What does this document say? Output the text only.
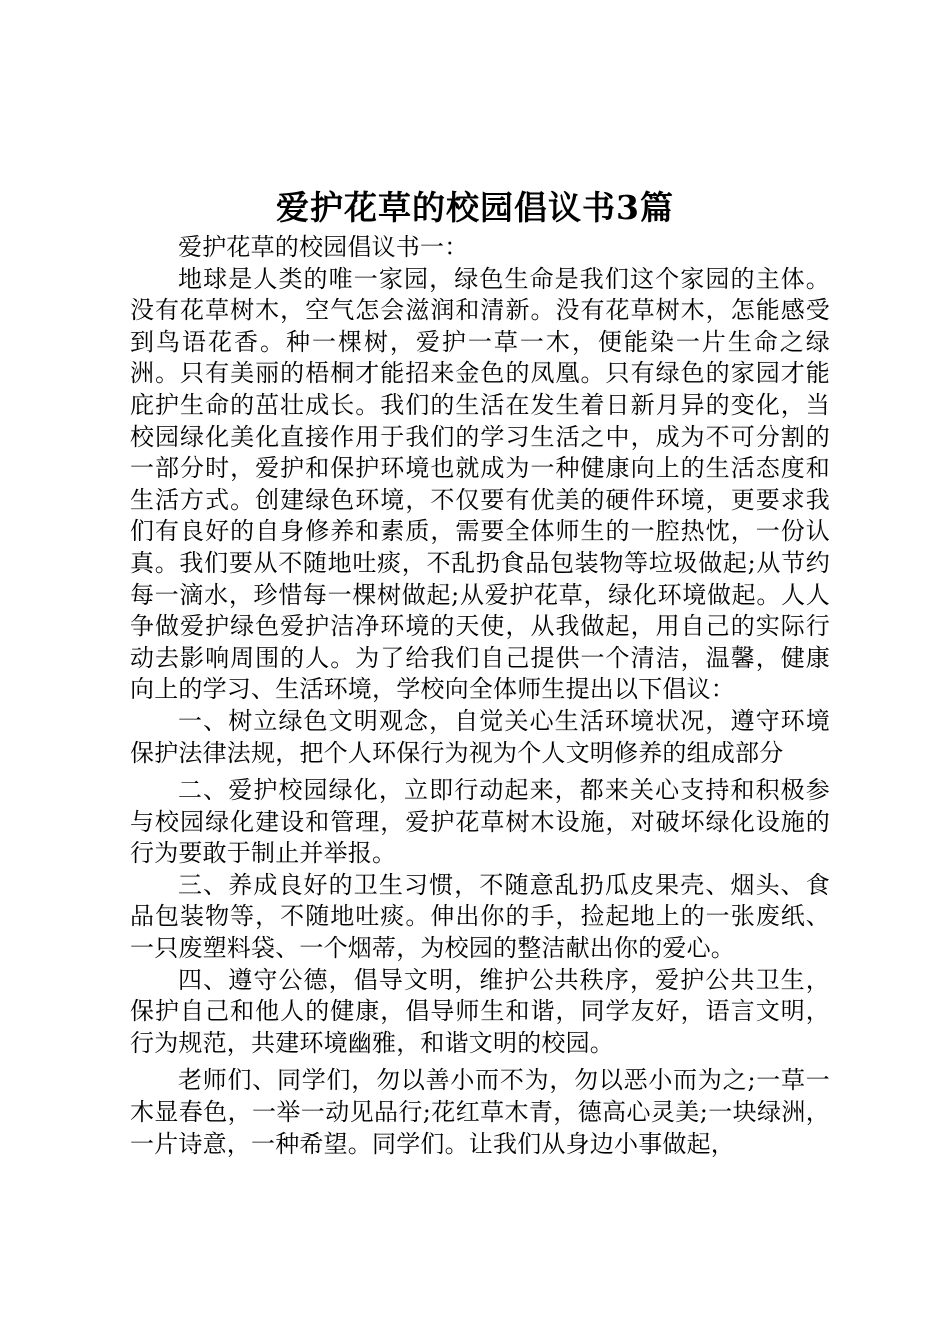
爱护花草的校园倡议书3篇

爱护花草的校园倡议书一：

地球是人类的唯一家园，绿色生命是我们这个家园的主体。没有花草树木，空气怎会滋润和清新。没有花草树木，怎能感受到鸟语花香。种一棵树，爱护一草一木，便能染一片生命之绿洲。只有美丽的梧桐才能招来金色的凤凰。只有绿色的家园才能庇护生命的茁壮成长。我们的生活在发生着日新月异的变化，当校园绿化美化直接作用于我们的学习生活之中，成为不可分割的一部分时，爱护和保护环境也就成为一种健康向上的生活态度和生活方式。创建绿色环境，不仅要有优美的硬件环境，更要求我们有良好的自身修养和素质，需要全体师生的一腔热忱，一份认真。我们要从不随地吐痰，不乱扔食品包装物等垃圾做起;从节约每一滴水，珍惜每一棵树做起;从爱护花草，绿化环境做起。人人争做爱护绿色爱护洁净环境的天使，从我做起，用自己的实际行动去影响周围的人。为了给我们自己提供一个清洁，温馨，健康向上的学习、生活环境，学校向全体师生提出以下倡议：

一、树立绿色文明观念，自觉关心生活环境状况，遵守环境保护法律法规，把个人环保行为视为个人文明修养的组成部分

二、爱护校园绿化，立即行动起来，都来关心支持和积极参与校园绿化建设和管理，爱护花草树木设施，对破坏绿化设施的行为要敢于制止并举报。

三、养成良好的卫生习惯，不随意乱扔瓜皮果壳、烟头、食品包装物等，不随地吐痰。伸出你的手，捡起地上的一张废纸、一只废塑料袋、一个烟蒂，为校园的整洁献出你的爱心。

四、遵守公德，倡导文明，维护公共秩序，爱护公共卫生，保护自己和他人的健康，倡导师生和谐，同学友好，语言文明，行为规范，共建环境幽雅，和谐文明的校园。

老师们、同学们，勿以善小而不为，勿以恶小而为之;一草一木显春色，一举一动见品行;花红草木青，德高心灵美;一块绿洲，一片诗意，一种希望。同学们。让我们从身边小事做起，
